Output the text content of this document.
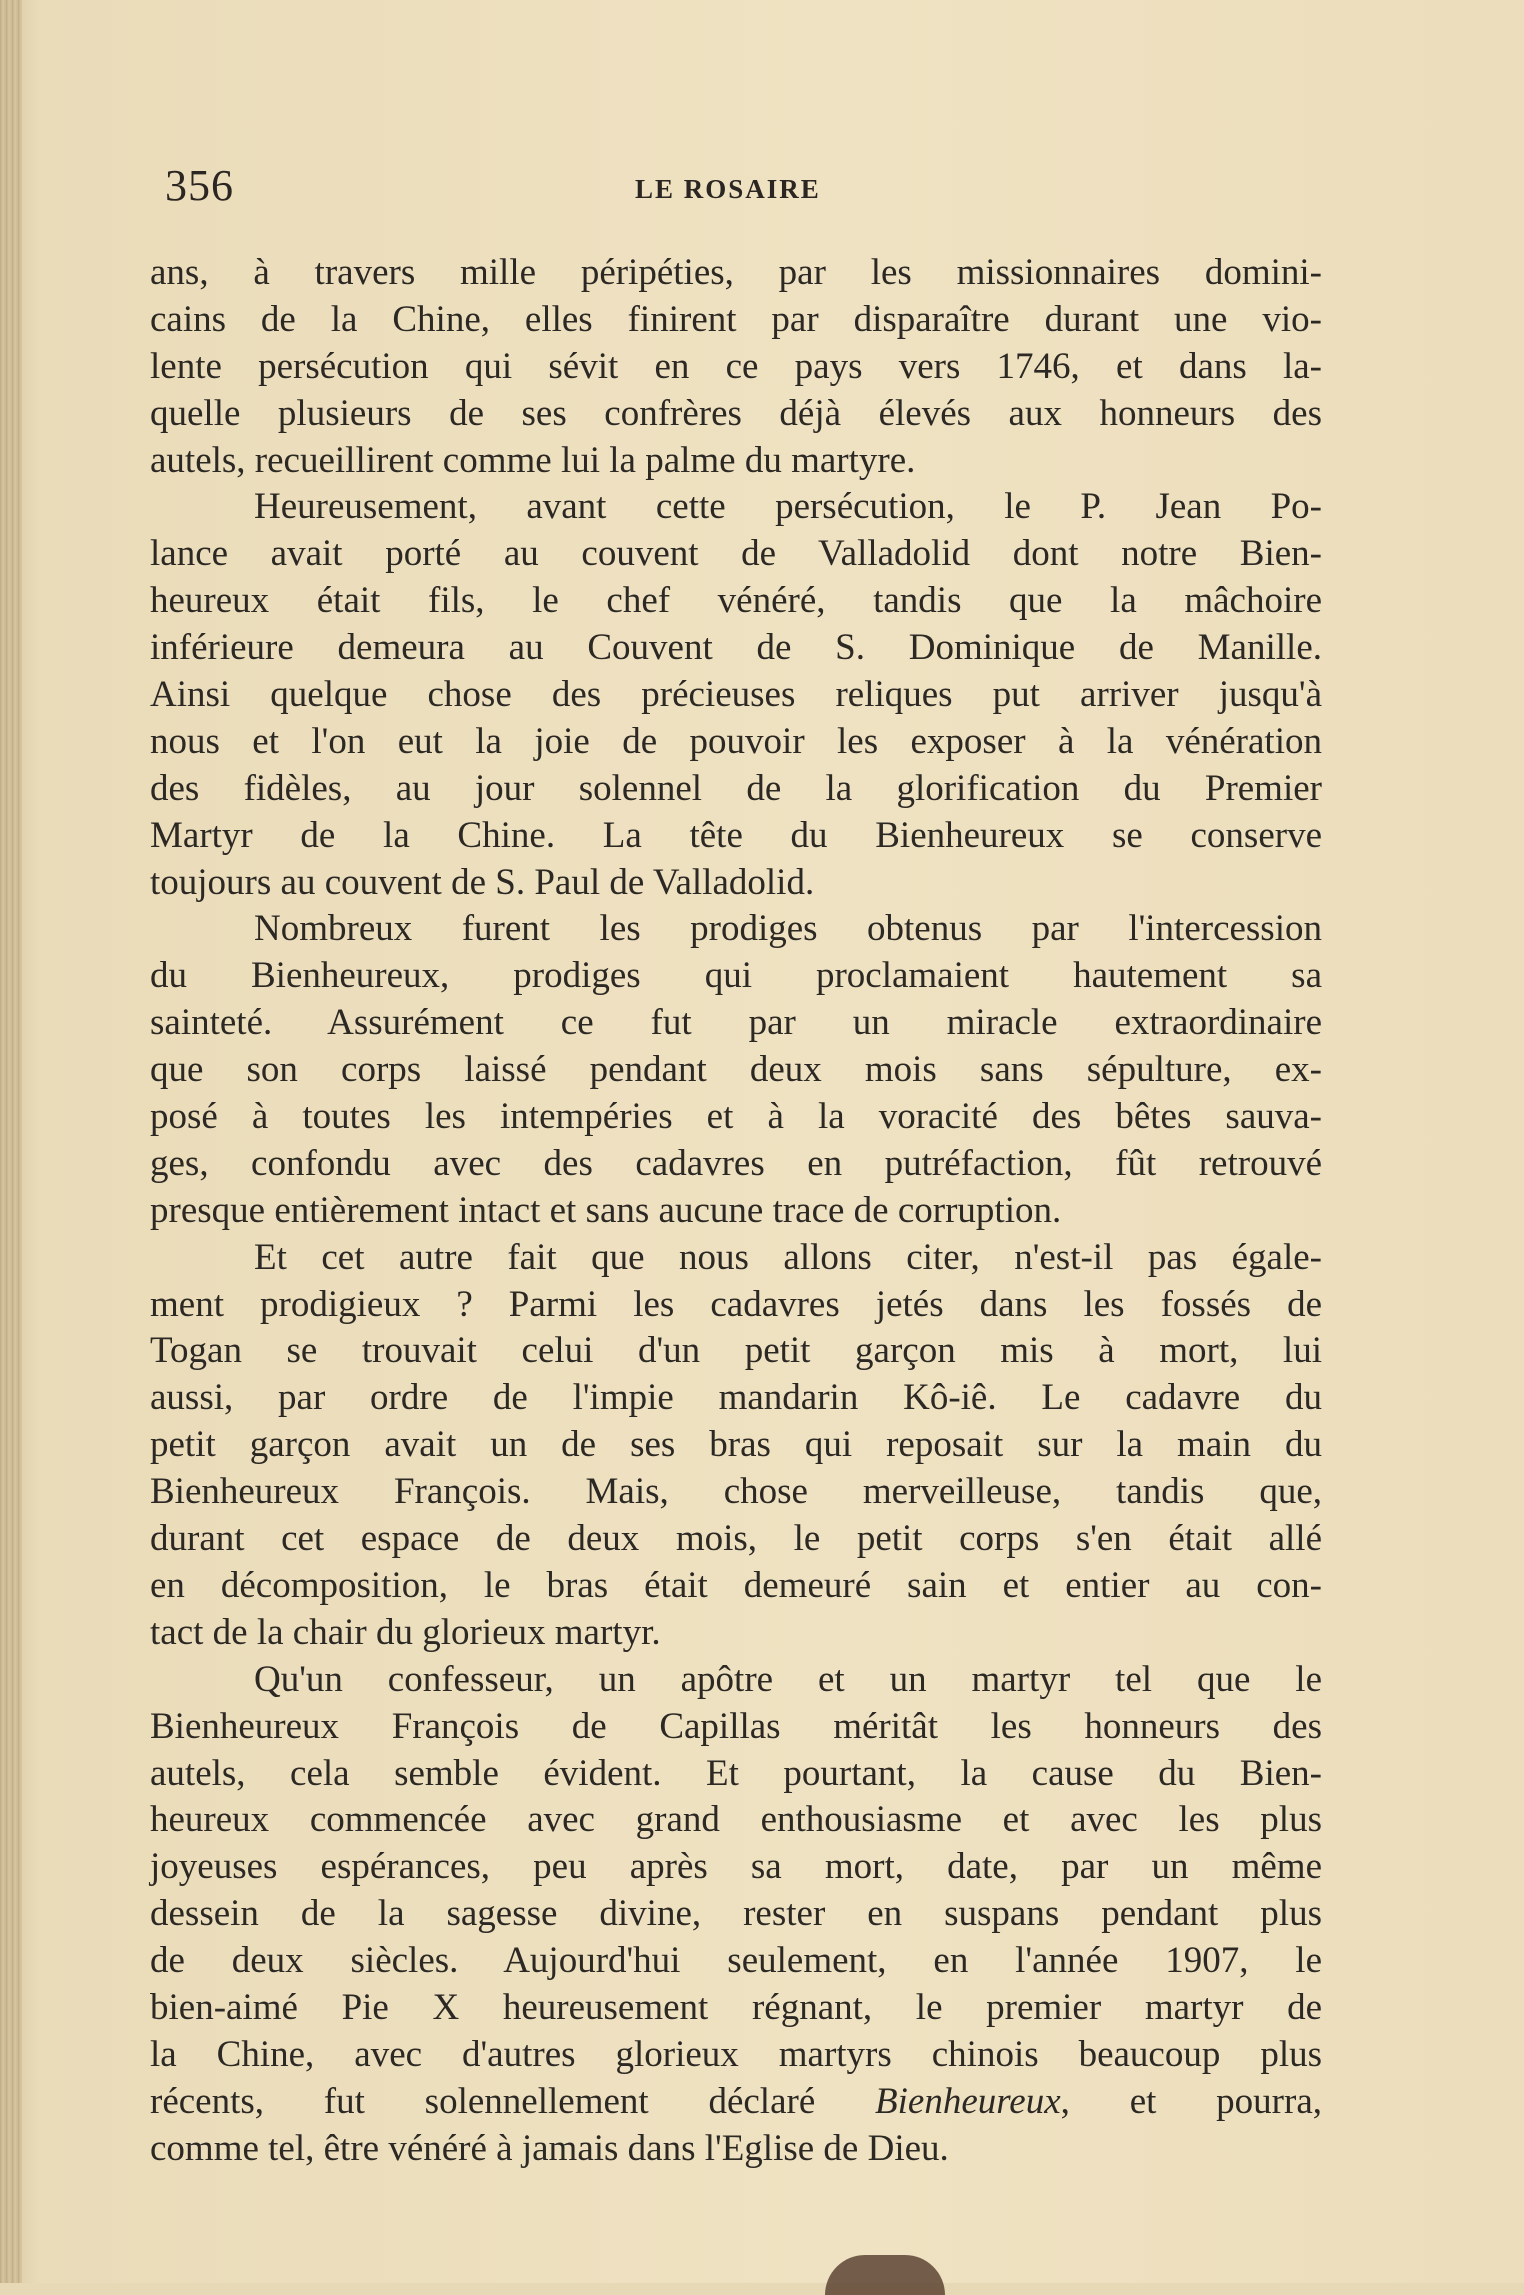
356	LE ROSAIRE
ans, à travers mille péripéties, par les missionnaires domini-
cains de la Chine, elles finirent par disparaître durant une vio-
lente persécution qui sévit en ce pays vers 1746, et dans la-
quelle plusieurs de ses confrères déjà élevés aux honneurs des
autels, recueillirent comme lui la palme du martyre.
Heureusement, avant cette persécution, le P. Jean Po-
lance avait porté au couvent de Valladolid dont notre Bien-
heureux était fils, le chef vénéré, tandis que la mâchoire
inférieure demeura au Couvent de S. Dominique de Manille.
Ainsi quelque chose des précieuses reliques put arriver jusqu'à
nous et l'on eut la joie de pouvoir les exposer à la vénération
des fidèles, au jour solennel de la glorification du Premier
Martyr de la Chine. La tête du Bienheureux se conserve
toujours au couvent de S. Paul de Valladolid.
Nombreux furent les prodiges obtenus par l'intercession
du Bienheureux, prodiges qui proclamaient hautement sa
sainteté. Assurément ce fut par un miracle extraordinaire
que son corps laissé pendant deux mois sans sépulture, ex-
posé à toutes les intempéries et à la voracité des bêtes sauva-
ges, confondu avec des cadavres en putréfaction, fût retrouvé
presque entièrement intact et sans aucune trace de corruption.
Et cet autre fait que nous allons citer, n'est-il pas égale-
ment prodigieux ? Parmi les cadavres jetés dans les fossés de
Togan se trouvait celui d'un petit garçon mis à mort, lui
aussi, par ordre de l'impie mandarin Kô-iê. Le cadavre du
petit garçon avait un de ses bras qui reposait sur la main du
Bienheureux François. Mais, chose merveilleuse, tandis que,
durant cet espace de deux mois, le petit corps s'en était allé
en décomposition, le bras était demeuré sain et entier au con-
tact de la chair du glorieux martyr.
Qu'un confesseur, un apôtre et un martyr tel que le
Bienheureux François de Capillas méritât les honneurs des
autels, cela semble évident. Et pourtant, la cause du Bien-
heureux commencée avec grand enthousiasme et avec les plus
joyeuses espérances, peu après sa mort, date, par un même
dessein de la sagesse divine, rester en suspans pendant plus
de deux siècles. Aujourd'hui seulement, en l'année 1907, le
bien-aimé Pie X heureusement régnant, le premier martyr de
la Chine, avec d'autres glorieux martyrs chinois beaucoup plus
récents, fut solennellement déclaré Bienheureux, et pourra,
comme tel, être vénéré à jamais dans l'Eglise de Dieu.
